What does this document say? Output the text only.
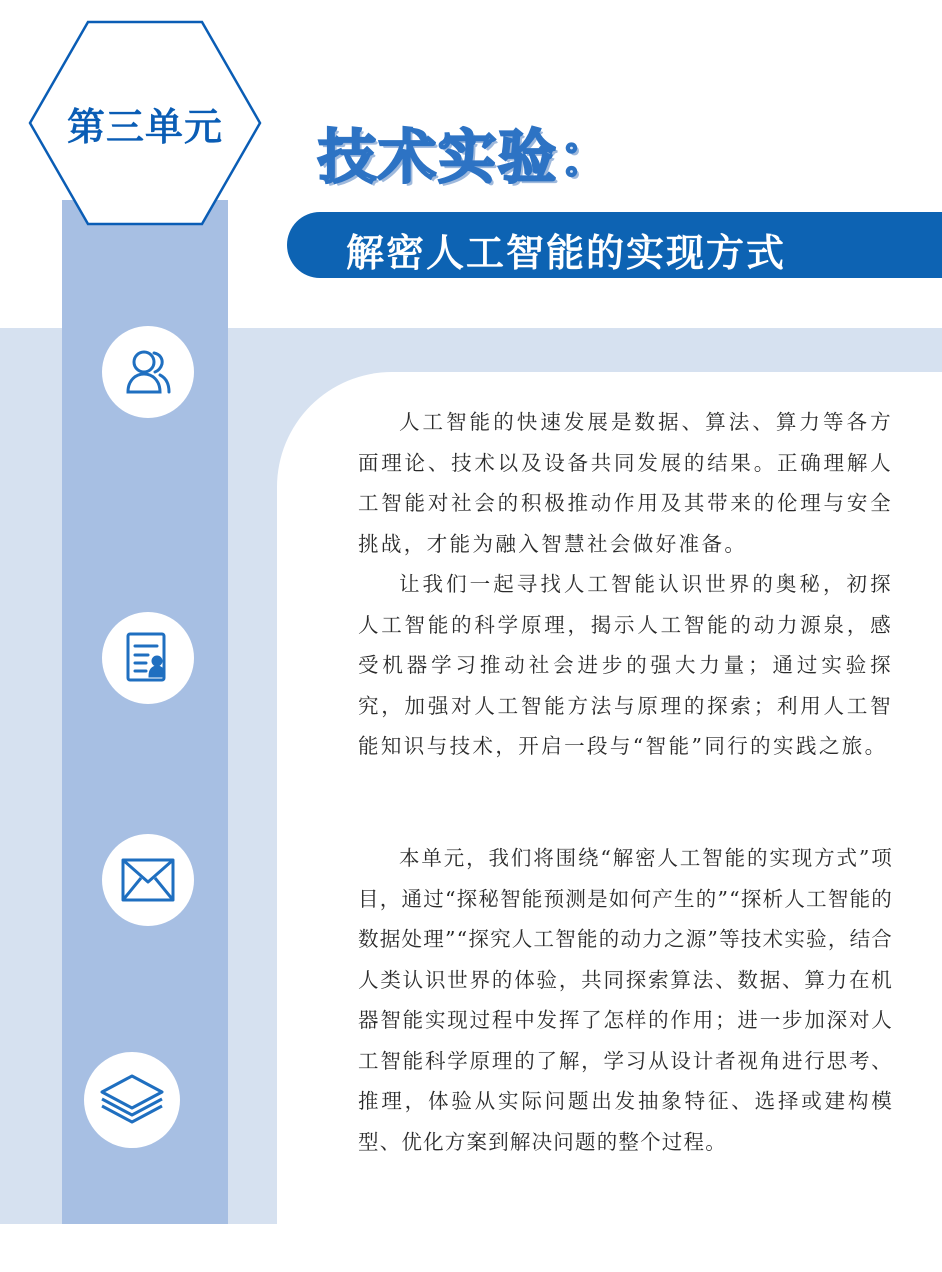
第三单元	技术实验：
解密人工智能的实现方式

人工智能的快速发展是数据、算法、算力等各方面理论、技术以及设备共同发展的结果。正确理解人工智能对社会的积极推动作用及其带来的伦理与安全挑战，才能为融入智慧社会做好准备。

让我们一起寻找人工智能认识世界的奥秘，初探人工智能的科学原理，揭示人工智能的动力源泉，感受机器学习推动社会进步的强大力量；通过实验探究，加强对人工智能方法与原理的探索；利用人工智能知识与技术，开启一段与“智能”同行的实践之旅。

本单元，我们将围绕“解密人工智能的实现方式”项目，通过“探秘智能预测是如何产生的”“探析人工智能的数据处理”“探究人工智能的动力之源”等技术实验，结合人类认识世界的体验，共同探索算法、数据、算力在机器智能实现过程中发挥了怎样的作用；进一步加深对人工智能科学原理的了解，学习从设计者视角进行思考、推理，体验从实际问题出发抽象特征、选择或建构模型、优化方案到解决问题的整个过程。
